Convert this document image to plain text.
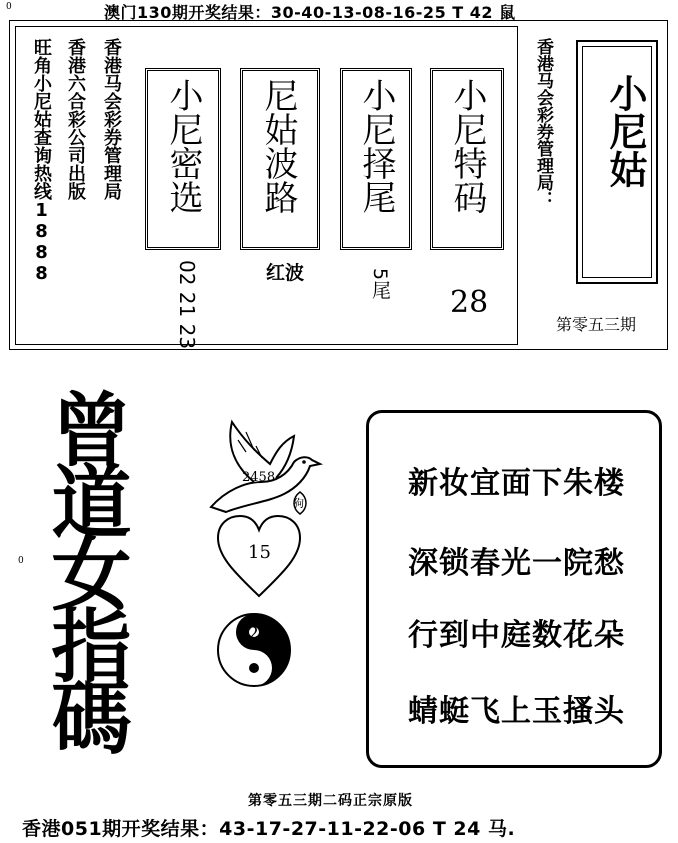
0	澳门130期开奖结果：30-40-13-08-16-25 T 42 鼠
旺角小尼姑查询热线1888 香港六合彩公司出版 香港马会彩券管理局 小尼密选
02 21 23
尼姑波路
红波
小尼择尾
5尾
小尼特码
28
香港马会彩券管理局： 小尼姑
第零五三期
曾道女指碼
0
2458
狗
15
23
新妆宜面下朱楼
深锁春光一院愁
行到中庭数花朵
蜻蜓飞上玉搔头
第零五三期二码正宗原版
香港051期开奖结果：43-17-27-11-22-06 T 24 马.
